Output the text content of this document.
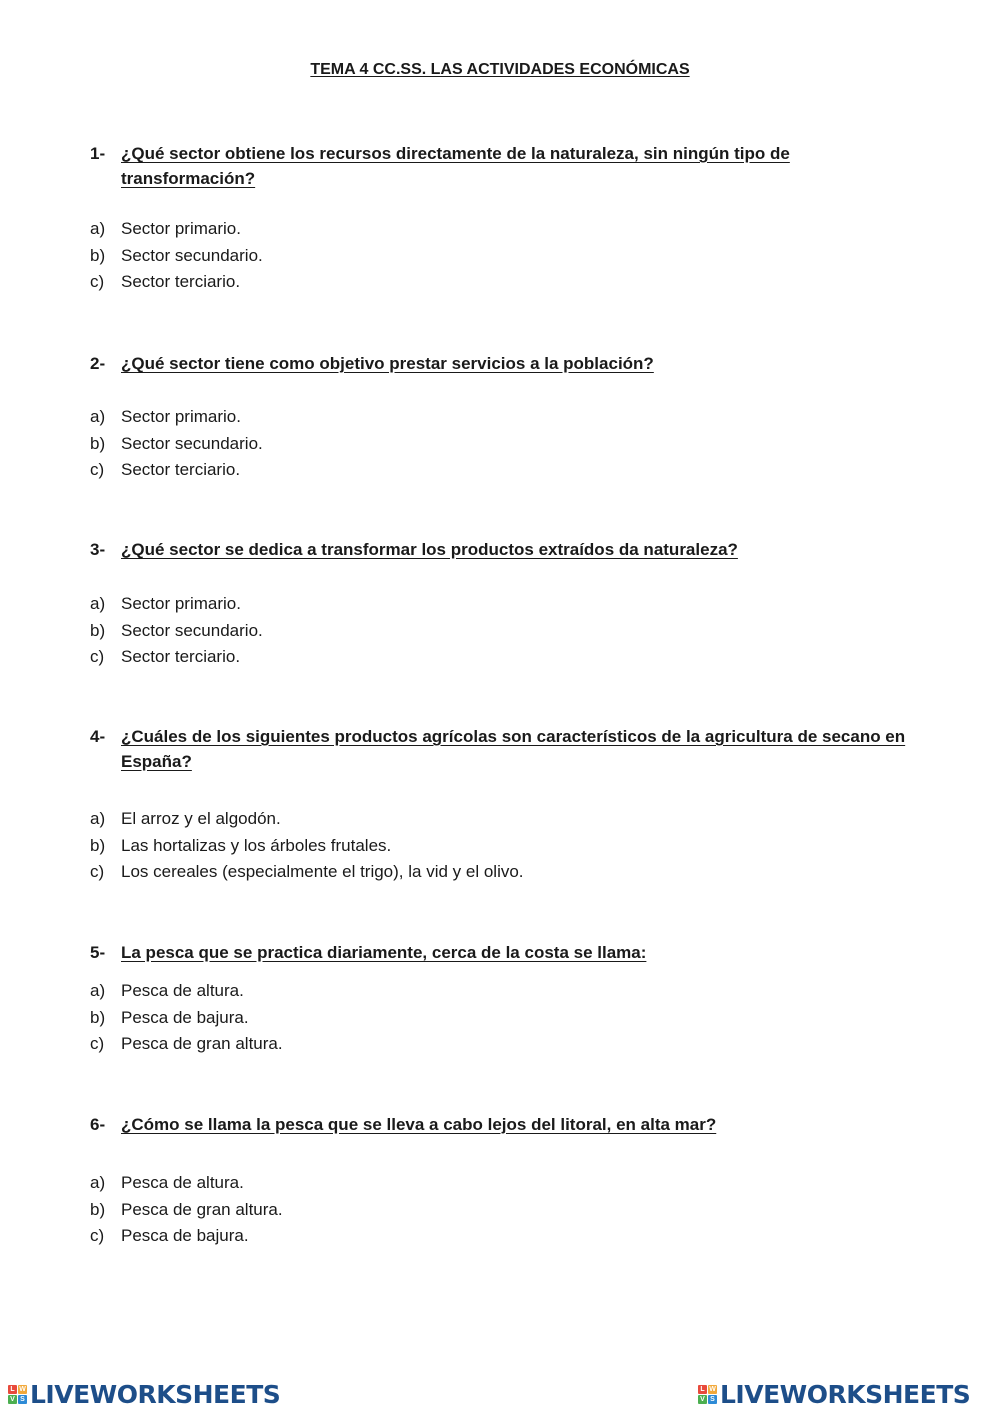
TEMA 4 CC.SS. LAS ACTIVIDADES ECONÓMICAS
1- ¿Qué sector obtiene los recursos directamente de la naturaleza, sin ningún tipo de transformación?
a) Sector primario.
b) Sector secundario.
c) Sector terciario.
2- ¿Qué sector tiene como objetivo prestar servicios a la población?
a) Sector primario.
b) Sector secundario.
c) Sector terciario.
3- ¿Qué sector se dedica a transformar los productos extraídos da naturaleza?
a) Sector primario.
b) Sector secundario.
c) Sector terciario.
4- ¿Cuáles de los siguientes productos agrícolas son característicos de la agricultura de secano en España?
a) El arroz y el algodón.
b) Las hortalizas y los árboles frutales.
c) Los cereales (especialmente el trigo), la vid y el olivo.
5- La pesca que se practica diariamente, cerca de la costa se llama:
a) Pesca de altura.
b) Pesca de bajura.
c) Pesca de gran altura.
6- ¿Cómo se llama la pesca que se lleva a cabo lejos del litoral, en alta mar?
a) Pesca de altura.
b) Pesca de gran altura.
c) Pesca de bajura.
L W
V S LIVEWORKSHEETS	L W
V S LIVEWORKSHEETS
